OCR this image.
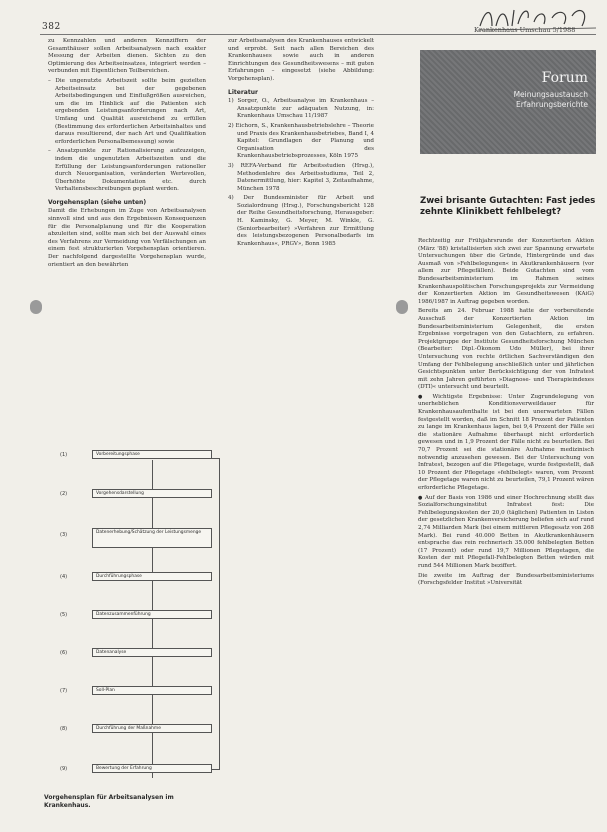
382	Krankenhaus Umschau 5/1988

zu Kennzahlen und anderen Kennziffern der Gesamthäuser sollen Arbeitsanalysen nach exakter Messung der Arbeiten dienen. Sichten zu den Optimierung des Arbeitseinsatzes, integriert werden – verbunden mit Eigentlichen Teilbereichen.

– Die ungenutzte Arbeitszeit sollte beim gezielten Arbeitseinsatz bei der gegebenen Arbeitsbedingungen und Einflußgrößen ausreichen, um die im Hinblick auf die Patienten sich ergebenden Leistungsanforderungen nach Art, Umfang und Qualität ausreichend zu erfüllen (Bestimmung des erforderlichen Arbeitsinhaltes und daraus resultierend, der nach Art und Qualifikation erforderlichen Personalbemessung) sowie

– Ansatzpunkte zur Rationalisierung aufzuzeigen, indem die ungenutzten Arbeitszeiten und die Erfüllung der Leistungsanforderungen rationeller durch Neuorganisation, veränderten Wertevollen, Überhöhte Dokumentation etc. durch Verhaltensbeschreibungen geplant werden.

Vorgehensplan (siehe unten)

Damit die Erhebungen im Zuge von Arbeitsanalysen sinnvoll sind und aus den Ergebnissen Konsequenzen für die Personalplanung und für die Kooperation abzuleiten sind, sollte man sich bei der Auswahl eines des Verfahrens zur Vermeidung von Verfälschungen an einem fest strukturierten Vorgehensplan orientieren. Der nachfolgend dargestellte Vorgehensplan wurde, orientiert an den bewährten

zur Arbeitsanalysen des Krankenhauses entwickelt und erprobt. Seit nach allen Bereichen des Krankenhauses sowie auch in anderen Einrichtungen des Gesundheitswesens – mit guten Erfahrungen – eingesetzt (siehe Abbildung: Vorgehensplan).

Literatur

1) Sorger, O., Arbeitsanalyse im Krankenhaus – Ansatzpunkte zur adäquaten Nutzung, in: Krankenhaus Umschau 11/1987

2) Eichorn, S., Krankenhausbetriebslehre – Theorie und Praxis des Krankenhausbetriebes, Band I, 4 Kapitel: Grundlagen der Planung und Organisation des Krankenhausbetriebsprozesses, Köln 1975

3) REFA-Verband für Arbeitsstudien (Hrsg.), Methodenlehre des Arbeitsstudiums, Teil 2, Datenermittlung, hier: Kapitel 3, Zeitaufnahme, München 1978

4) Der Bundesminister für Arbeit und Sozialordnung (Hrsg.), Forschungsbericht 128 der Reihe Gesundheitsforschung, Herausgeber: H. Kaminsky, G. Meyer, M. Winkle, G. (Seniorbearbeiter) »Verfahren zur Ermittlung des leistungsbezogenen Personalbedarfs im Krankenhaus«, PRGV», Bonn 1985

Forum
Meinungsaustausch
Erfahrungsberichte
Zwei brisante Gutachten: Fast jedes zehnte Klinikbett fehlbelegt?

Rechtzeitig zur Frühjahrsrunde der Konzertierten Aktion (März '88) kristallisierten sich zwei zur Spannung erwartete Untersuchungen über die Gründe, Hintergründe und das Ausmaß von »Fehlbelegungen« in Akutkrankenhäusern (vor allem zur Pflegefällen). Beide Gutachten sind vom Bundesarbeitsministerium im Rahmen seines Krankenhauspolitischen Forschungsprojekts zur Vermeidung der Konzertierten Aktion im Gesundheitswesen (KAiG) 1986/1987 in Auftrag gegeben worden.

Bereits am 24. Februar 1988 hatte der vorbereitende Ausschuß der Konzertierten Aktion im Bundesarbeitsministerium Gelegenheit, die ersten Ergebnisse vorgetragen von den Gutachtern, zu erfahren. Projektgruppe der Institute Gesundheitsforschung München (Bearbeiter: Dipl.-Ökonom Udo Müller), bei ihrer Untersuchung von rechte örtlichen Sachverständigen den Umfang der Fehlbelegung anschließlich unter und jährlichen Gesichtspunkten unter Berücksichtigung der von Infratest mit zehn Jahren geführten »Diagnose- und Therapieindexes (DTI)« untersucht und beurteilt.

● Wichtigste Ergebnisse: Unter Zugrundelegung von unerheblichen Konditionsverweildauer für Krankenhausaufenthalte ist bei den unerwarteten Fällen festgestellt worden, daß im Schnitt 18 Prozent der Patienten zu lange im Krankenhaus lagen, bei 9,4 Prozent der Fälle sei die stationäre Aufnahme überhaupt nicht erforderlich gewesen und in 1,9 Prozent der Fälle nicht zu beurteilen. Bei 70,7 Prozent sei die stationäre Aufnahme medizinisch notwendig anzusehen gewesen. Bei der Untersuchung von Infratest, bezogen auf die Pflegetage, wurde festgestellt, daß 10 Prozent der Pflegetage »fehlbelegt« waren, vom Prozent der Pflegetage waren nicht zu beurteilen, 79,1 Prozent wären erforderliche Pflegetage.

● Auf der Basis von 1986 und einer Hochrechnung stellt das Sozialforschungsinstitut Infratest fest: Die Fehlbelegungskosten der 20,0 (täglichen) Patienten in Listen der gesetzlichen Krankenversicherung beliefen sich auf rund 2,74 Milliarden Mark (bei einem mittleren Pflegesatz von 268 Mark). Bei rund 40.000 Betten in Akutkrankenhäusern entsprache das rein rechnerisch 35.000 fehlbelegten Betten (17 Prozent) oder rund 19,7 Millionen Pflegetagen, die Kosten der mit Pflegefall-Fehlbelegten Betten würden mit rund 544 Millionen Mark beziffert.

Die zweite im Auftrag der Bundesarbeitsministeriums (Forschgsfelder Institut »Universität

(1)	Vorbereitungsphase
(2)	Vorgehensdarstellung
(3)	Datenerhebung/Schätzung der Leistungsmenge
(4)	Durchführungsphase
(5)	Datenzusammenführung
(6)	Datenanalyse
(7)	Soll-Plan
(8)	Durchführung der Maßnahme
(9)	Bewertung der Erfahrung
Vorgehensplan für Arbeitsanalysen im Krankenhaus.
